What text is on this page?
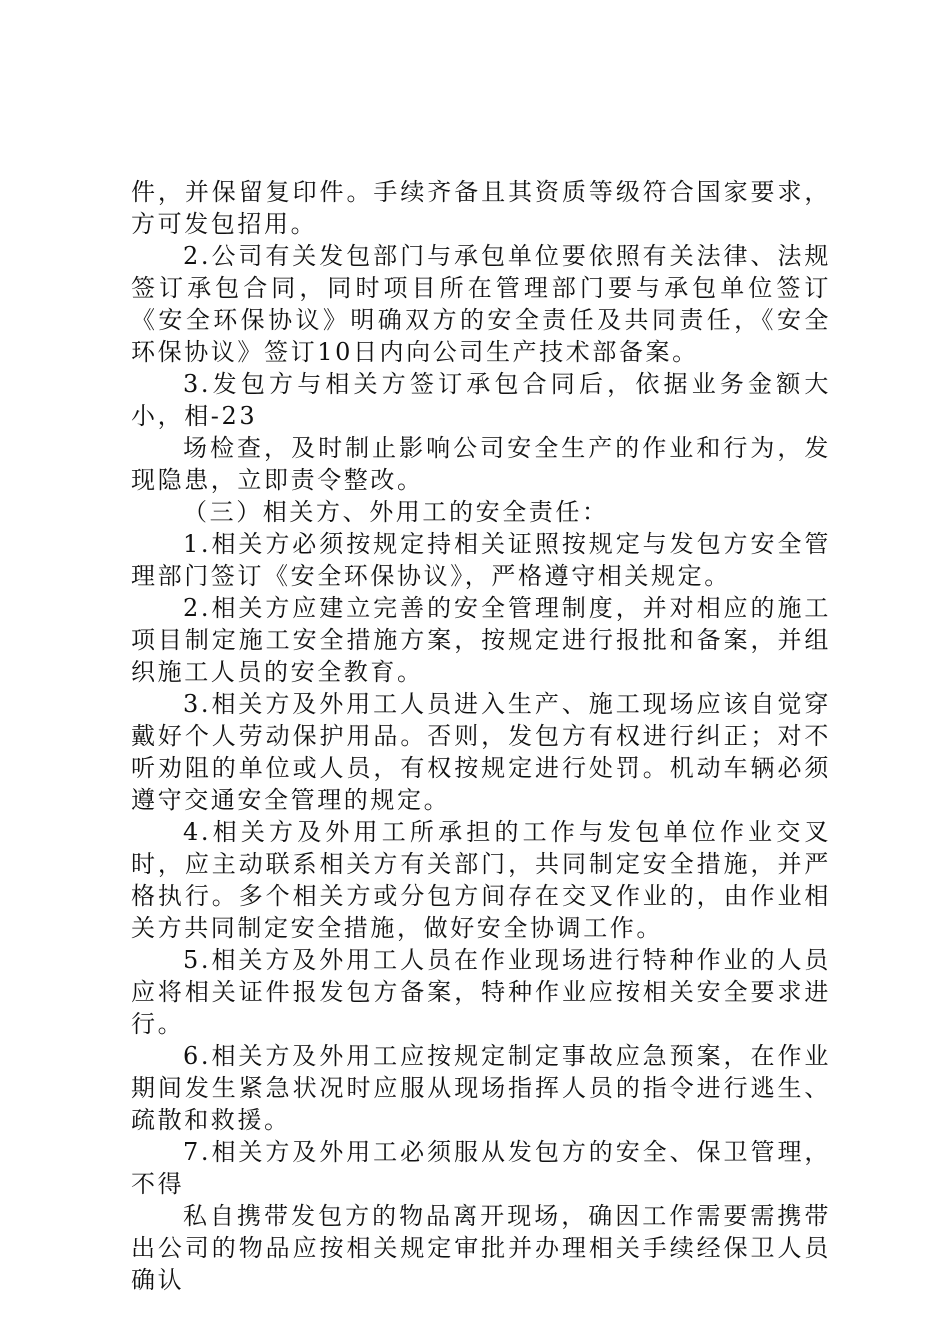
件，并保留复印件。手续齐备且其资质等级符合国家要求，方可发包招用。

2.公司有关发包部门与承包单位要依照有关法律、法规签订承包合同，同时项目所在管理部门要与承包单位签订《安全环保协议》明确双方的安全责任及共同责任，《安全环保协议》签订10日内向公司生产技术部备案。

3.发包方与相关方签订承包合同后，依据业务金额大小，相-23

场检查，及时制止影响公司安全生产的作业和行为，发现隐患，立即责令整改。

（三）相关方、外用工的安全责任：

1.相关方必须按规定持相关证照按规定与发包方安全管理部门签订《安全环保协议》，严格遵守相关规定。

2.相关方应建立完善的安全管理制度，并对相应的施工项目制定施工安全措施方案，按规定进行报批和备案，并组织施工人员的安全教育。

3.相关方及外用工人员进入生产、施工现场应该自觉穿戴好个人劳动保护用品。否则，发包方有权进行纠正；对不听劝阻的单位或人员，有权按规定进行处罚。机动车辆必须遵守交通安全管理的规定。

4.相关方及外用工所承担的工作与发包单位作业交叉时，应主动联系相关方有关部门，共同制定安全措施，并严格执行。多个相关方或分包方间存在交叉作业的，由作业相关方共同制定安全措施，做好安全协调工作。

5.相关方及外用工人员在作业现场进行特种作业的人员应将相关证件报发包方备案，特种作业应按相关安全要求进行。

6.相关方及外用工应按规定制定事故应急预案，在作业期间发生紧急状况时应服从现场指挥人员的指令进行逃生、疏散和救援。

7.相关方及外用工必须服从发包方的安全、保卫管理，不得

私自携带发包方的物品离开现场，确因工作需要需携带出公司的物品应按相关规定审批并办理相关手续经保卫人员确认
